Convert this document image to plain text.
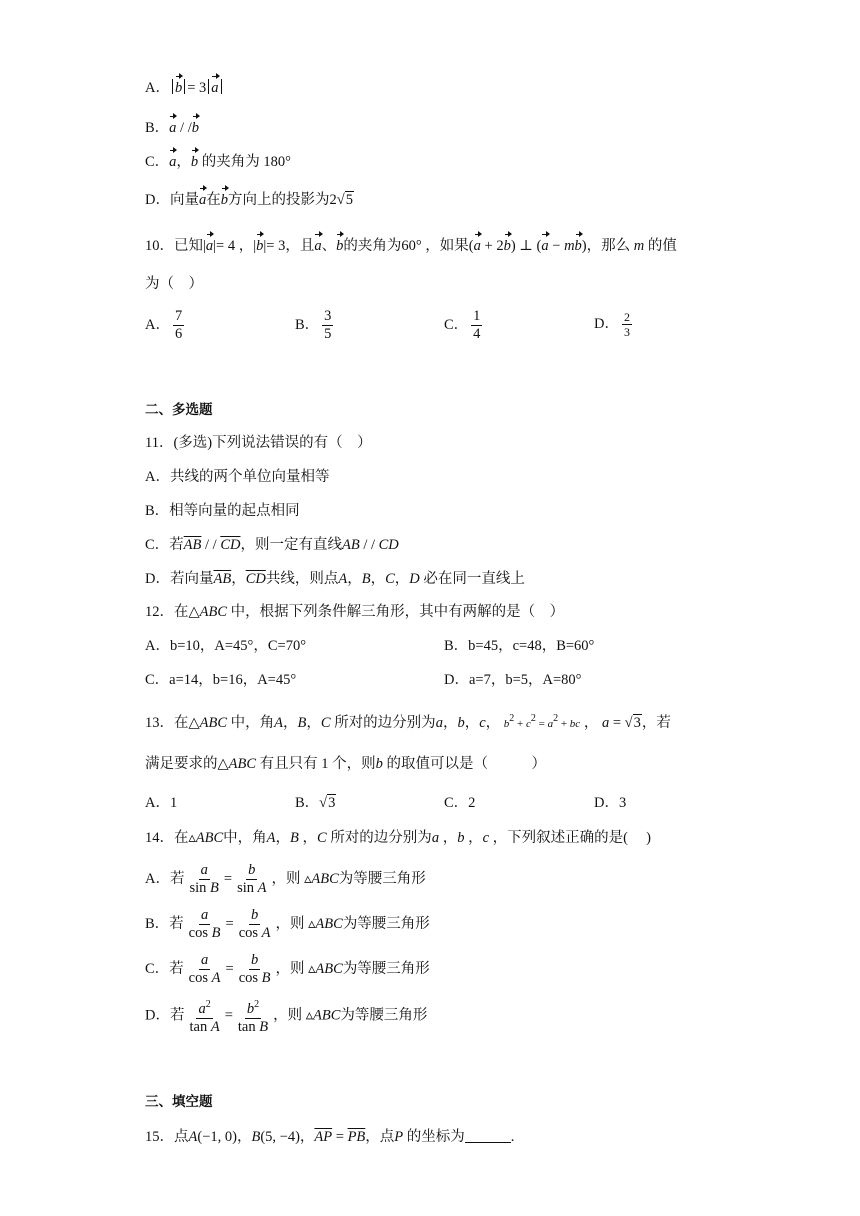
A． b = 3 a
B．a / /b
C．a，b 的夹角为 180°
D．向量a在b方向上的投影为2√5
10．已知|a|= 4 ，|b|= 3，且a、b的夹角为60° ，如果(a + 2b) ⊥ (a − mb)，那么 m 的值
为（　）
A． $\frac{7}{6}$	B． $\frac{3}{5}$	C． $\frac{1}{4}$	D． $\frac{2}{3}$
二、多选题
11．(多选)下列说法错误的有（　）
A．共线的两个单位向量相等
B．相等向量的起点相同
C．若$\overline{AB}$ / / $\overline{CD}$，则一定有直线AB / / CD
D．若向量$\overline{AB}$，$\overline{CD}$共线，则点A，B，C，D 必在同一直线上
12．在△ABC 中，根据下列条件解三角形，其中有两解的是（　）
A．b=10，A=45°，C=70°	B．b=45，c=48，B=60°
C．a=14，b=16，A=45°	D．a=7，b=5，A=80°
13．在△ABC 中，角A，B，C 所对的边分别为a，b，c， $b^2 + c^2 = a^2$ + bc ， a = √3，若
满足要求的△ABC 有且只有 1 个，则b 的取值可以是（　　　）
A．1	B．√3	C．2	D．3
14．在▵ABC中，角A，B ，C 所对的边分别为a ，b ，c ，下列叙述正确的是(　 )
A．若 $\frac{a}{\text{sin B}} = \frac{b}{\text{sin A}}$ ，则 ▵ABC为等腰三角形
B．若 $\frac{a}{\text{cos B}} = \frac{b}{\text{cos A}}$ ，则 ▵ABC为等腰三角形
C．若 $\frac{a}{\text{cos A}} = \frac{b}{\text{cos B}}$ ，则 ▵ABC为等腰三角形
D．若 $\frac{a^2}{\text{tan A}} = \frac{b^2}{\text{tan B}}$ ，则 ▵ABC为等腰三角形
三、填空题
15．点A(−1, 0)，B(5, −4)，$\overline{AP} = \overline{PB}$，点P 的坐标为	.
